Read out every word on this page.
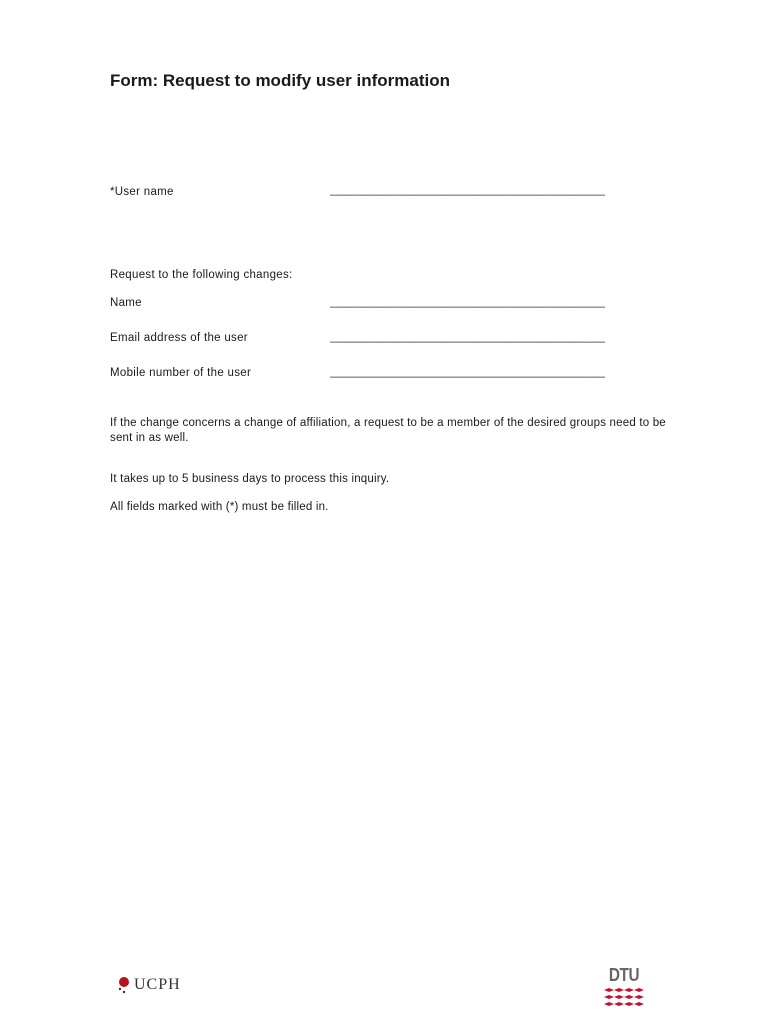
Form: Request to modify user information
*User name	___________________________________________
Request to the following changes:
Name	___________________________________________
Email address of the user	___________________________________________
Mobile number of the user	___________________________________________
If the change concerns a change of affiliation, a request to be a member of the desired groups need to be sent in as well.
It takes up to 5 business days to process this inquiry.
All fields marked with (*) must be filled in.
UCPH	DTU
